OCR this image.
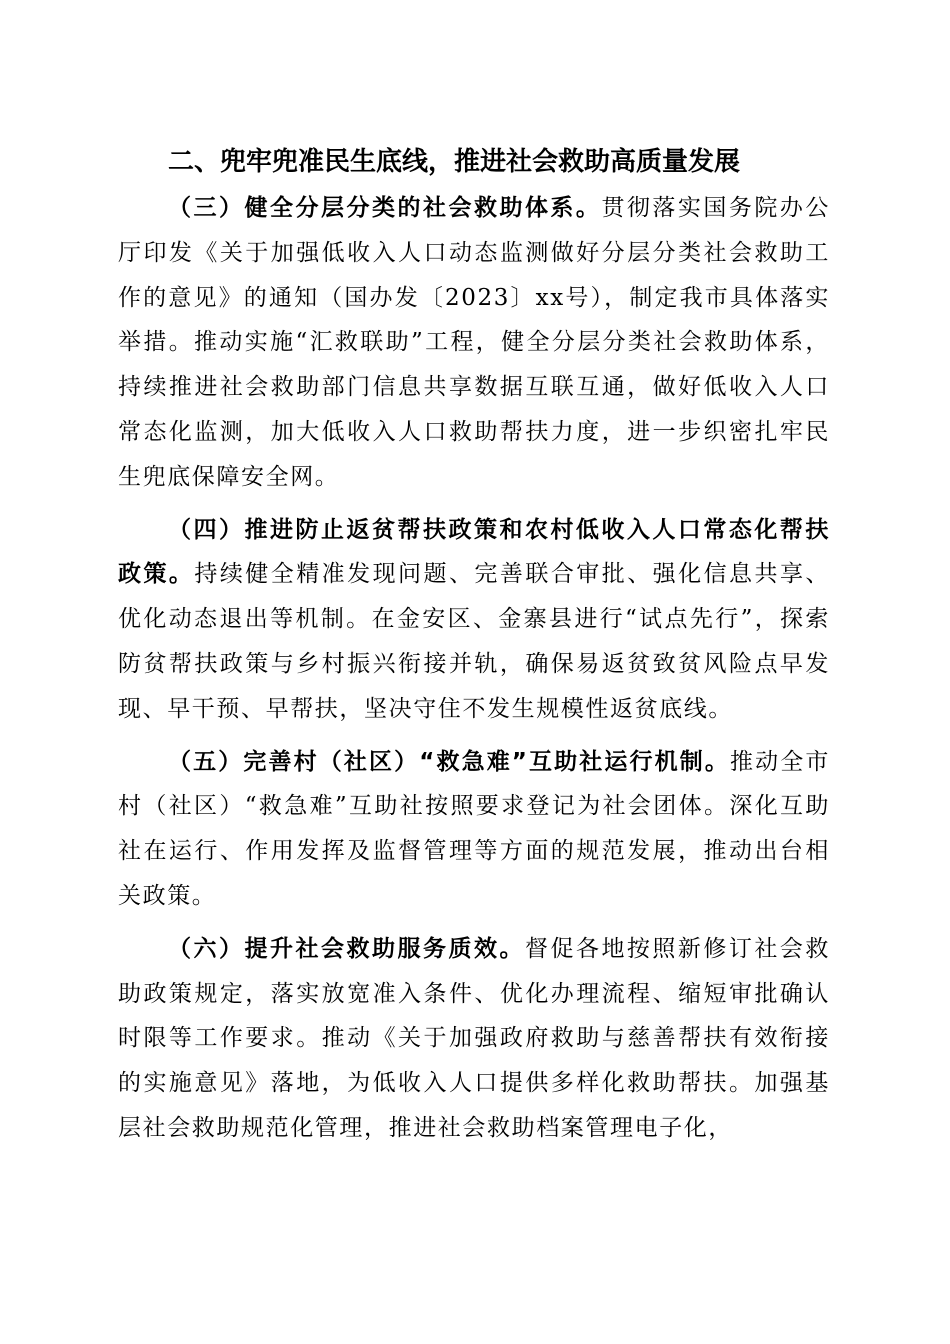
二、兜牢兜准民生底线，推进社会救助高质量发展

（三）健全分层分类的社会救助体系。贯彻落实国务院办公厅印发《关于加强低收入人口动态监测做好分层分类社会救助工作的意见》的通知（国办发〔2023〕xx号），制定我市具体落实举措。推动实施“汇救联助”工程，健全分层分类社会救助体系，持续推进社会救助部门信息共享数据互联互通，做好低收入人口常态化监测，加大低收入人口救助帮扶力度，进一步织密扎牢民生兜底保障安全网。

（四）推进防止返贫帮扶政策和农村低收入人口常态化帮扶政策。持续健全精准发现问题、完善联合审批、强化信息共享、优化动态退出等机制。在金安区、金寨县进行“试点先行”，探索防贫帮扶政策与乡村振兴衔接并轨，确保易返贫致贫风险点早发现、早干预、早帮扶，坚决守住不发生规模性返贫底线。

（五）完善村（社区）“救急难”互助社运行机制。推动全市村（社区）“救急难”互助社按照要求登记为社会团体。深化互助社在运行、作用发挥及监督管理等方面的规范发展，推动出台相关政策。

（六）提升社会救助服务质效。督促各地按照新修订社会救助政策规定，落实放宽准入条件、优化办理流程、缩短审批确认时限等工作要求。推动《关于加强政府救助与慈善帮扶有效衔接的实施意见》落地，为低收入人口提供多样化救助帮扶。加强基层社会救助规范化管理，推进社会救助档案管理电子化，
